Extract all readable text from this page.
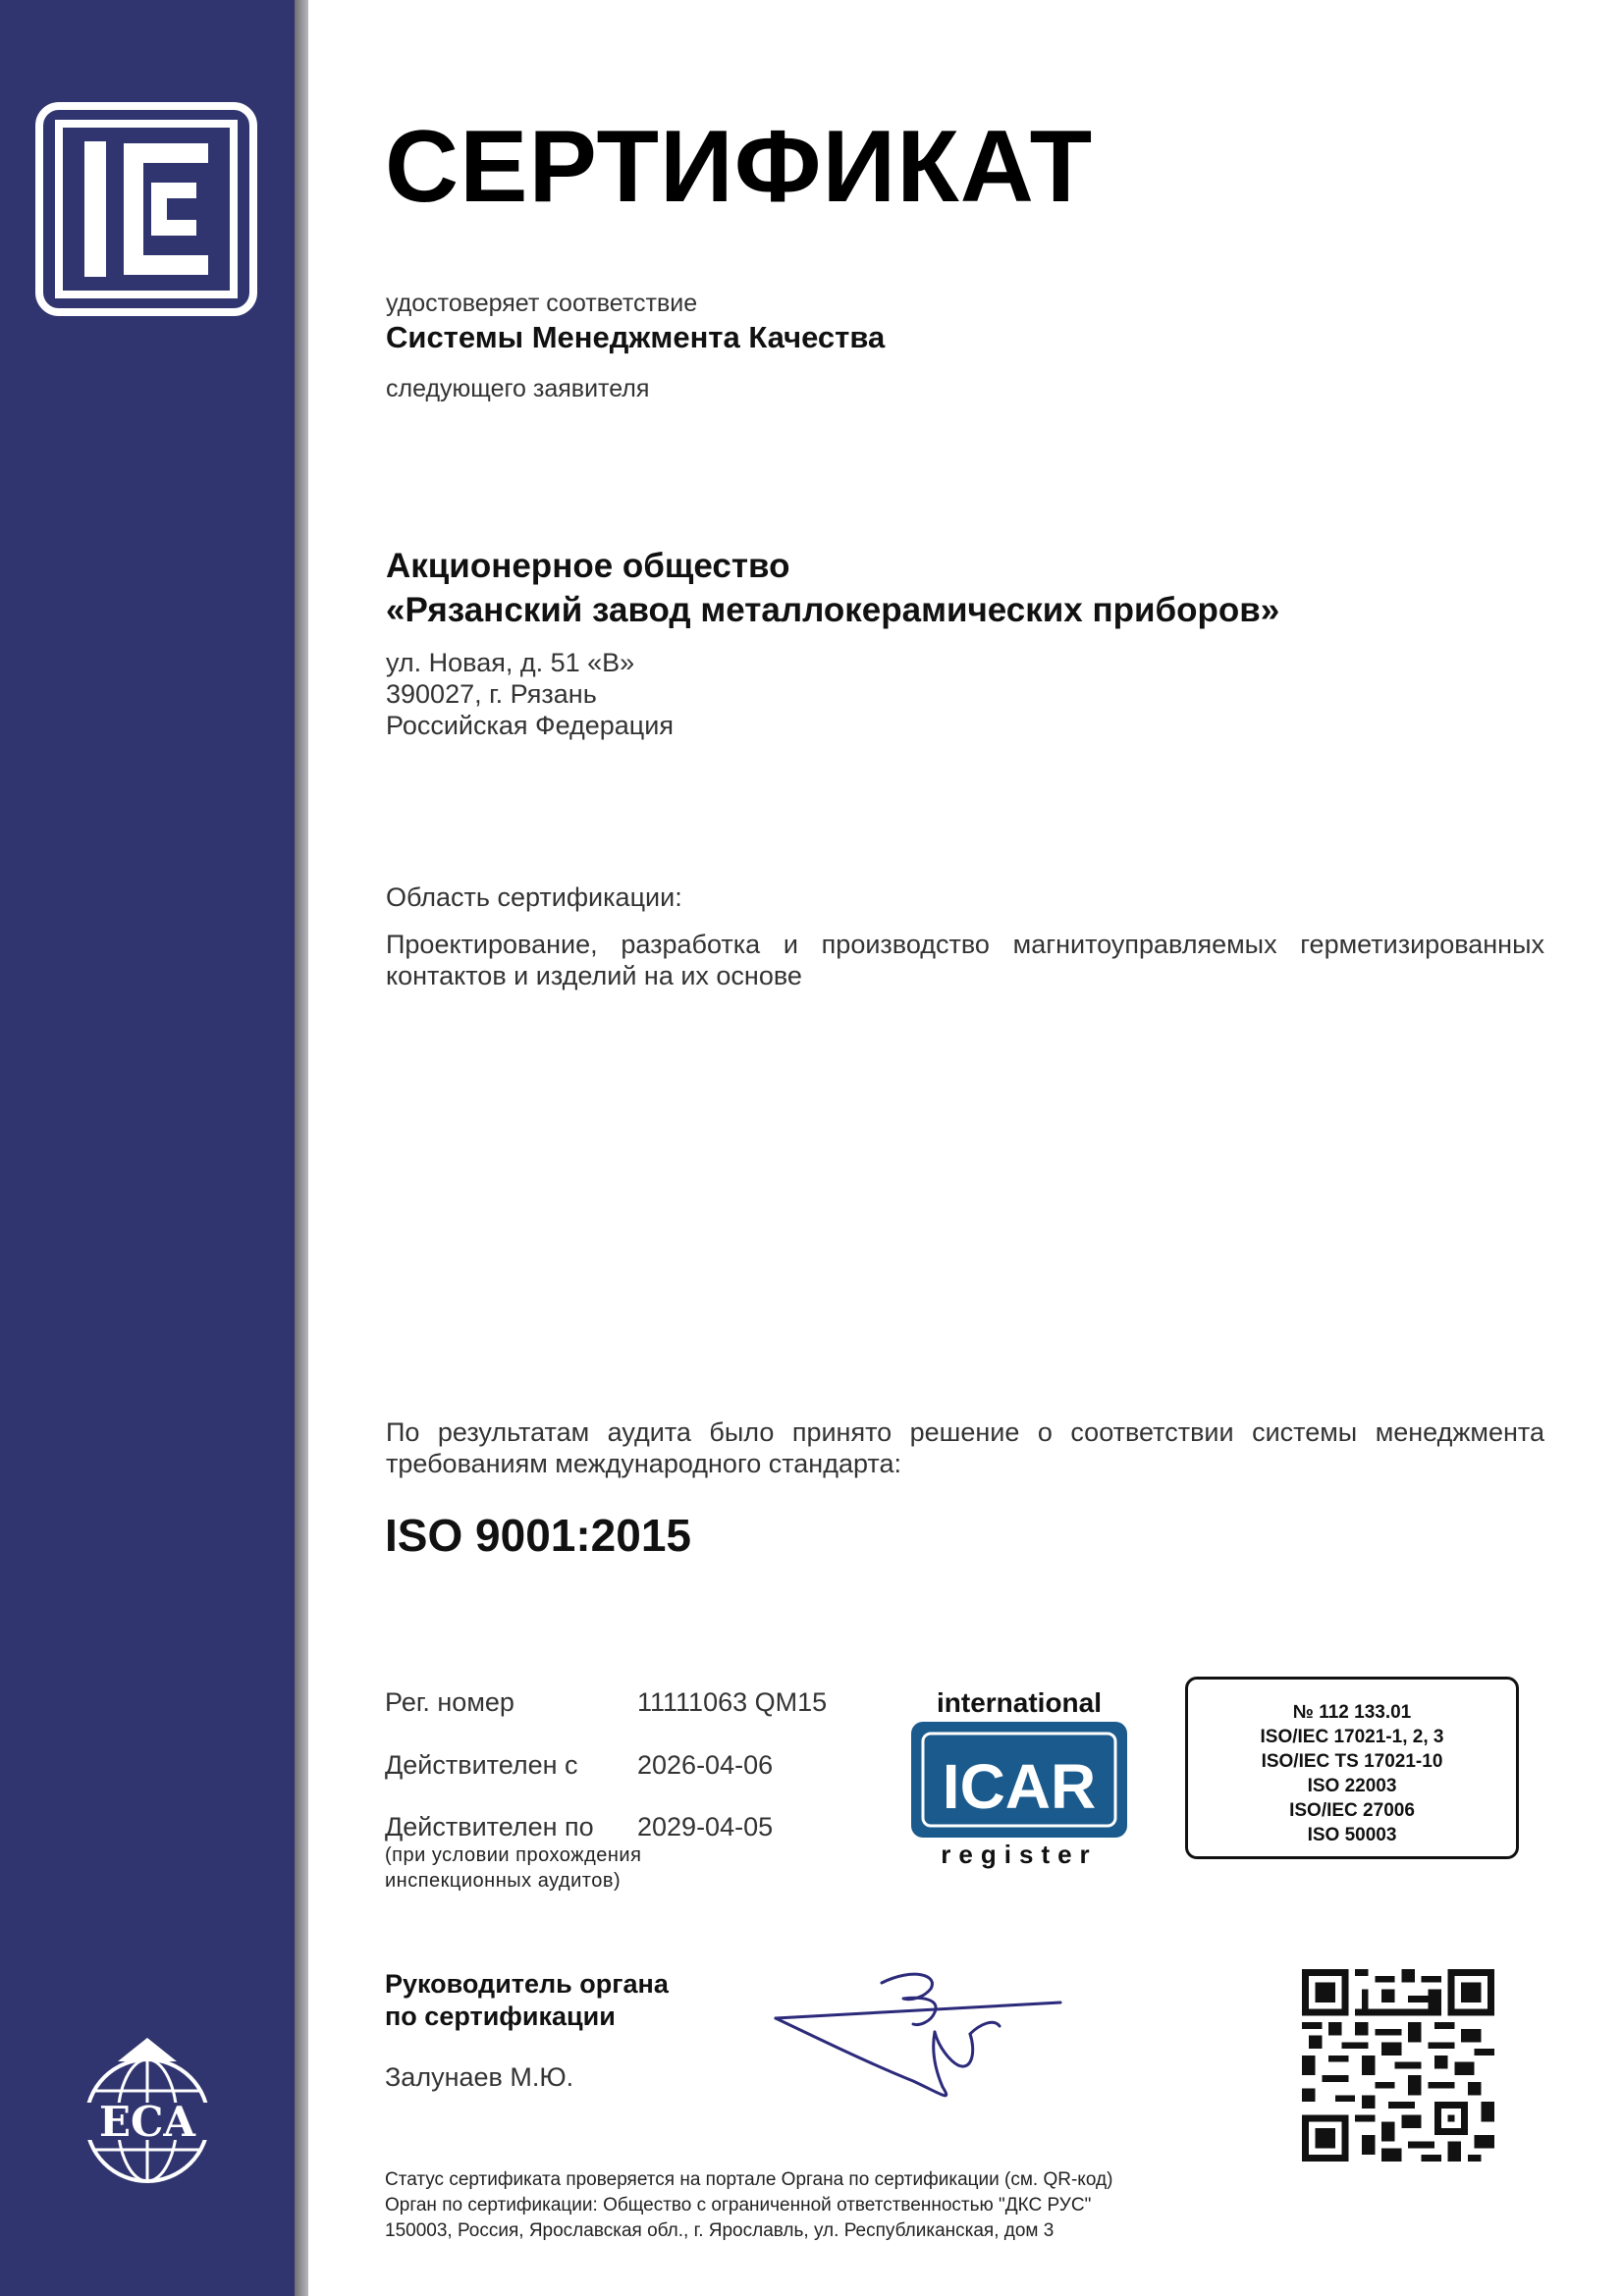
ECA
СЕРТИФИКАТ
удостоверяет соответствие
Системы Менеджмента Качества
следующего заявителя
Акционерное общество
«Рязанский завод металлокерамических приборов»
ул. Новая, д. 51 «В»
390027, г. Рязань
Российская Федерация
Область сертификации:
Проектирование, разработка и производство магнитоуправляемых герметизированных контактов и изделий на их основе
По результатам аудита было принято решение о соответствии системы менеджмента требованиям международного стандарта:
ISO 9001:2015
Рег. номер	11111063 QM15
Действителен с 2026-04-06
Действителен по 2029-04-05
(при условии прохождения
инспекционных аудитов)
international
ICAR
register
№ 112 133.01
ISO/IEC 17021-1, 2, 3
ISO/IEC TS 17021-10
ISO 22003
ISO/IEC 27006
ISO 50003
Руководитель органа
по сертификации
Залунаев М.Ю.
Статус сертификата проверяется на портале Органа по сертификации (см. QR-код)
Орган по сертификации: Общество с ограниченной ответственностью "ДКС РУС"
150003, Россия, Ярославская обл., г. Ярославль, ул. Республиканская, дом 3
